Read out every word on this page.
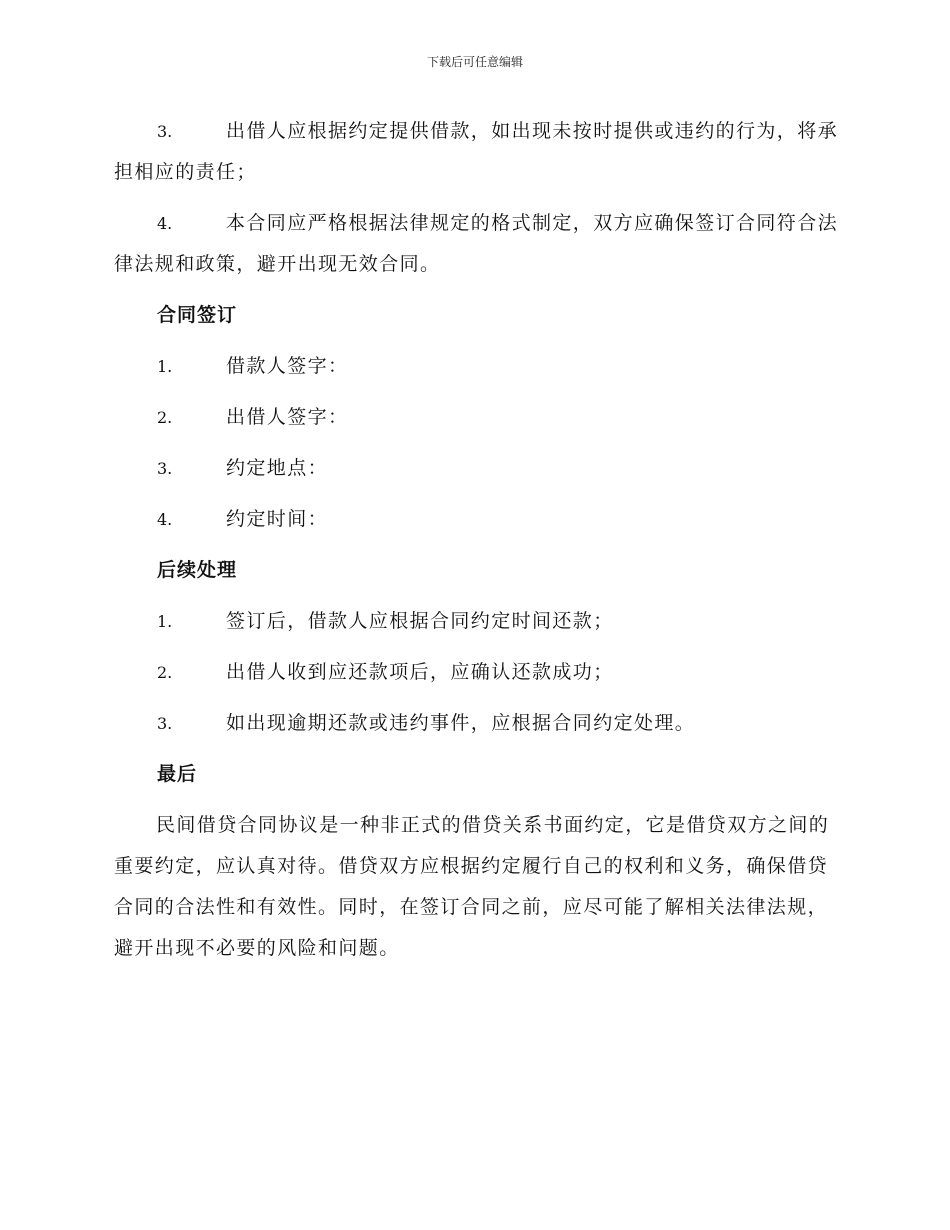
下载后可任意编辑
3.	出借人应根据约定提供借款，如出现未按时提供或违约的行为，将承担相应的责任；
4.	本合同应严格根据法律规定的格式制定，双方应确保签订合同符合法律法规和政策，避开出现无效合同。
合同签订
1.	借款人签字：
2.	出借人签字：
3.	约定地点：
4.	约定时间：
后续处理
1.	签订后，借款人应根据合同约定时间还款；
2.	出借人收到应还款项后，应确认还款成功；
3.	如出现逾期还款或违约事件，应根据合同约定处理。
最后
民间借贷合同协议是一种非正式的借贷关系书面约定，它是借贷双方之间的重要约定，应认真对待。借贷双方应根据约定履行自己的权利和义务，确保借贷合同的合法性和有效性。同时，在签订合同之前，应尽可能了解相关法律法规，避开出现不必要的风险和问题。
